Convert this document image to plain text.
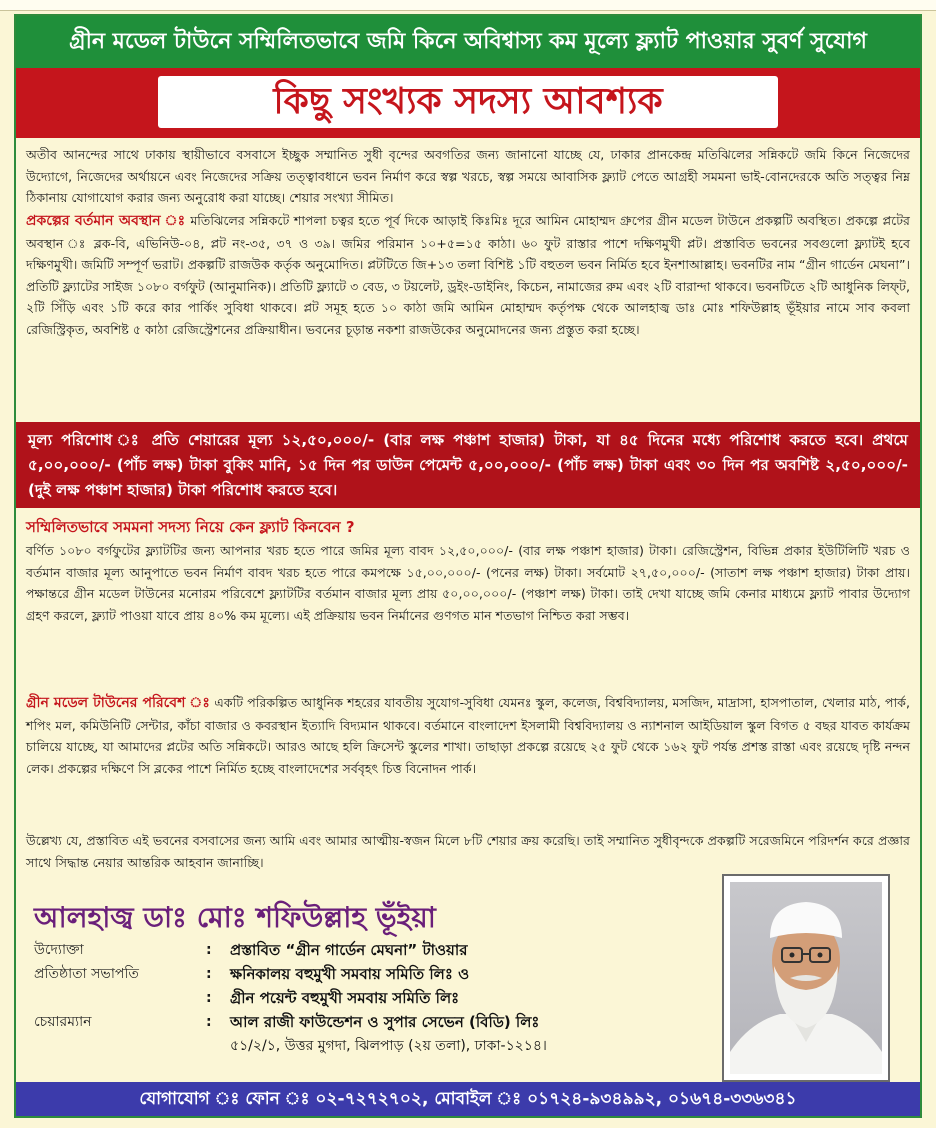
গ্রীন মডেল টাউনে সম্মিলিতভাবে জমি কিনে অবিশ্বাস্য কম মূল্যে ফ্ল্যাট পাওয়ার সুবর্ণ সুযোগ
কিছু সংখ্যক সদস্য আবশ্যক
অতীব আনন্দের সাথে ঢাকায় স্থায়ীভাবে বসবাসে ইচ্ছুক সম্মানিত সুধী বৃন্দের অবগতির জন্য জানানো যাচ্ছে যে, ঢাকার প্রানকেন্দ্র মতিঝিলের সন্নিকটে জমি কিনে নিজেদের উদ্যোগে, নিজেদের অর্থায়নে এবং নিজেদের সক্রিয় তত্ত্বাবধানে ভবন নির্মাণ করে স্বল্প খরচে, স্বল্প সময়ে আবাসিক ফ্ল্যাট পেতে আগ্রহী সমমনা ভাই-বোনদেরকে অতি সত্ত্বর নিম্ন ঠিকানায় যোগাযোগ করার জন্য অনুরোধ করা যাচ্ছে। শেয়ার সংখ্যা সীমিত।
প্রকল্পের বর্তমান অবস্থান ঃ মতিঝিলের সন্নিকটে শাপলা চত্বর হতে পূর্ব দিকে আড়াই কিঃমিঃ দূরে আমিন মোহাম্মদ গ্রুপের গ্রীন মডেল টাউনে প্রকল্পটি অবস্থিত। প্রকল্পে প্লটের অবস্থান ঃ ব্লক-বি, এভিনিউ-০৪, প্লট নং-৩৫, ৩৭ ও ৩৯। জমির পরিমান ১০+৫=১৫ কাঠা। ৬০ ফুট রাস্তার পাশে দক্ষিণমুখী প্লট। প্রস্তাবিত ভবনের সবগুলো ফ্ল্যাটই হবে দক্ষিণমুখী। জমিটি সম্পূর্ণ ভরাট। প্রকল্পটি রাজউক কর্তৃক অনুমোদিত। প্লটটিতে জি+১৩ তলা বিশিষ্ট ১টি বহুতল ভবন নির্মিত হবে ইনশাআল্লাহ। ভবনটির নাম “গ্রীন গার্ডেন মেঘনা”। প্রতিটি ফ্ল্যাটের সাইজ ১০৮০ বর্গফুট (আনুমানিক)। প্রতিটি ফ্ল্যাটে ৩ বেড, ৩ টয়লেট, ড্রইং-ডাইনিং, কিচেন, নামাজের রুম এবং ২টি বারান্দা থাকবে। ভবনটিতে ২টি আধুনিক লিফ্‌ট, ২টি সিঁড়ি এবং ১টি করে কার পার্কিং সুবিধা থাকবে। প্লট সমূহ হতে ১০ কাঠা জমি আমিন মোহাম্মদ কর্তৃপক্ষ থেকে আলহাজ্ব ডাঃ মোঃ শফিউল্লাহ ভূঁইয়ার নামে সাব কবলা রেজিস্ট্রিকৃত, অবশিষ্ট ৫ কাঠা রেজিস্ট্রেশনের প্রক্রিয়াধীন। ভবনের চূড়ান্ত নকশা রাজউকের অনুমোদনের জন্য প্রস্তুত করা হচ্ছে।
মূল্য পরিশোধ ঃ প্রতি শেয়ারের মূল্য ১২,৫০,০০০/- (বার লক্ষ পঞ্চাশ হাজার) টাকা, যা ৪৫ দিনের মধ্যে পরিশোধ করতে হবে। প্রথমে ৫,০০,০০০/- (পাঁচ লক্ষ) টাকা বুকিং মানি, ১৫ দিন পর ডাউন পেমেন্ট ৫,০০,০০০/- (পাঁচ লক্ষ) টাকা এবং ৩০ দিন পর অবশিষ্ট ২,৫০,০০০/- (দুই লক্ষ পঞ্চাশ হাজার) টাকা পরিশোধ করতে হবে।
সম্মিলিতভাবে সমমনা সদস্য নিয়ে কেন ফ্ল্যাট কিনবেন ?
বর্ণিত ১০৮০ বর্গফুটের ফ্ল্যাটটির জন্য আপনার খরচ হতে পারে জমির মূল্য বাবদ ১২,৫০,০০০/- (বার লক্ষ পঞ্চাশ হাজার) টাকা। রেজিস্ট্রেশন, বিভিন্ন প্রকার ইউটিলিটি খরচ ও বর্তমান বাজার মূল্য আনুপাতে ভবন নির্মাণ বাবদ খরচ হতে পারে কমপক্ষে ১৫,০০,০০০/- (পনের লক্ষ) টাকা। সর্বমোট ২৭,৫০,০০০/- (সাতাশ লক্ষ পঞ্চাশ হাজার) টাকা প্রায়। পক্ষান্তরে গ্রীন মডেল টাউনের মনোরম পরিবেশে ফ্ল্যাটটির বর্তমান বাজার মূল্য প্রায় ৫০,০০,০০০/- (পঞ্চাশ লক্ষ) টাকা। তাই দেখা যাচ্ছে জমি কেনার মাধ্যমে ফ্ল্যাট পাবার উদ্যোগ গ্রহণ করলে, ফ্ল্যাট পাওয়া যাবে প্রায় ৪০% কম মূল্যে। এই প্রক্রিয়ায় ভবন নির্মানের গুণগত মান শতভাগ নিশ্চিত করা সম্ভব।
গ্রীন মডেল টাউনের পরিবেশ ঃ একটি পরিকল্পিত আধুনিক শহরের যাবতীয় সুযোগ-সুবিধা যেমনঃ স্কুল, কলেজ, বিশ্ববিদ্যালয়, মসজিদ, মাদ্রাসা, হাসপাতাল, খেলার মাঠ, পার্ক, শপিং মল, কমিউনিটি সেন্টার, কাঁচা বাজার ও কবরস্থান ইত্যাদি বিদ্যমান থাকবে। বর্তমানে বাংলাদেশ ইসলামী বিশ্ববিদ্যালয় ও ন্যাশনাল আইডিয়াল স্কুল বিগত ৫ বছর যাবত কার্যক্রম চালিয়ে যাচ্ছে, যা আমাদের প্লটের অতি সন্নিকটে। আরও আছে হলি ক্রিসেন্ট স্কুলের শাখা। তাছাড়া প্রকল্পে রয়েছে ২৫ ফুট থেকে ১৬২ ফুট পর্যন্ত প্রশস্ত রাস্তা এবং রয়েছে দৃষ্টি নন্দন লেক। প্রকল্পের দক্ষিণে সি ব্লকের পাশে নির্মিত হচ্ছে বাংলাদেশের সর্ববৃহৎ চিত্ত বিনোদন পার্ক।
উল্লেখ্য যে, প্রস্তাবিত এই ভবনের বসবাসের জন্য আমি এবং আমার আত্মীয়-স্বজন মিলে ৮টি শেয়ার ক্রয় করেছি। তাই সম্মানিত সুধীবৃন্দকে প্রকল্পটি সরেজমিনে পরিদর্শন করে প্রজ্ঞার সাথে সিদ্ধান্ত নেয়ার আন্তরিক আহবান জানাচ্ছি।
আলহাজ্ব ডাঃ মোঃ শফিউল্লাহ ভূঁইয়া
উদ্যোক্তা	: প্রস্তাবিত “গ্রীন গার্ডেন মেঘনা” টাওয়ার
প্রতিষ্ঠাতা সভাপতি	: ক্ষনিকালয় বহুমুখী সমবায় সমিতি লিঃ ও
: গ্রীন পয়েন্ট বহুমুখী সমবায় সমিতি লিঃ
চেয়ারম্যান	: আল রাজী ফাউন্ডেশন ও সুপার সেভেন (বিডি) লিঃ
৫১/২/১, উত্তর মুগদা, ঝিলপাড় (২য় তলা), ঢাকা-১২১৪।
যোগাযোগ ঃ ফোন ঃ ০২-৭২৭২৭০২, মোবাইল ঃ ০১৭২৪-৯৩৪৯৯২, ০১৬৭৪-৩৩৬৩৪১
